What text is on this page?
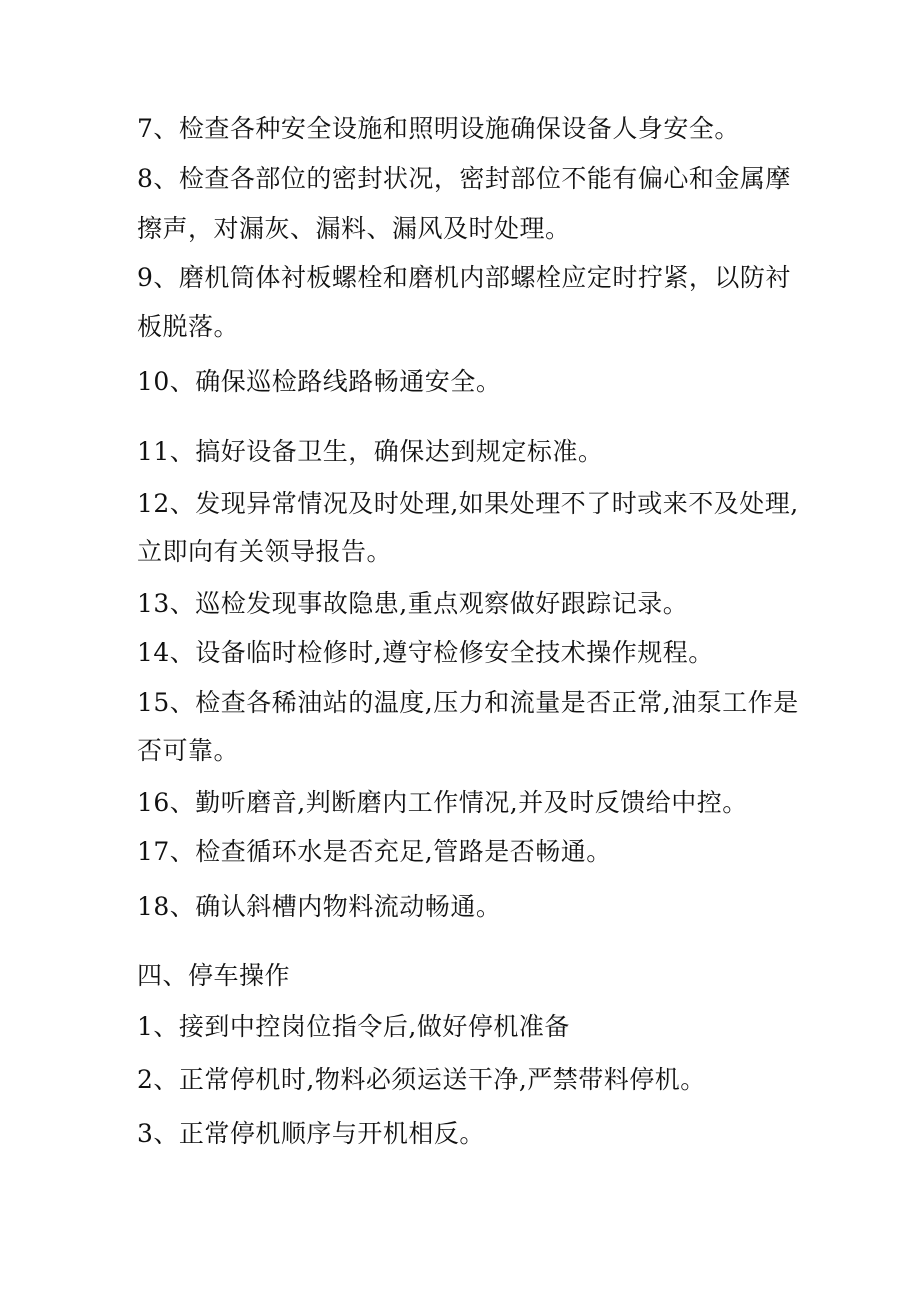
7、检查各种安全设施和照明设施确保设备人身安全。
8、检查各部位的密封状况，密封部位不能有偏心和金属摩
擦声，对漏灰、漏料、漏风及时处理。
9、磨机筒体衬板螺栓和磨机内部螺栓应定时拧紧，以防衬
板脱落。
10、确保巡检路线路畅通安全。
11、搞好设备卫生，确保达到规定标准。
12、发现异常情况及时处理,如果处理不了时或来不及处理,
立即向有关领导报告。
13、巡检发现事故隐患,重点观察做好跟踪记录。
14、设备临时检修时,遵守检修安全技术操作规程。
15、检查各稀油站的温度,压力和流量是否正常,油泵工作是
否可靠。
16、勤听磨音,判断磨内工作情况,并及时反馈给中控。
17、检查循环水是否充足,管路是否畅通。
18、确认斜槽内物料流动畅通。
四、停车操作
1、接到中控岗位指令后,做好停机准备
2、正常停机时,物料必须运送干净,严禁带料停机。
3、正常停机顺序与开机相反。
